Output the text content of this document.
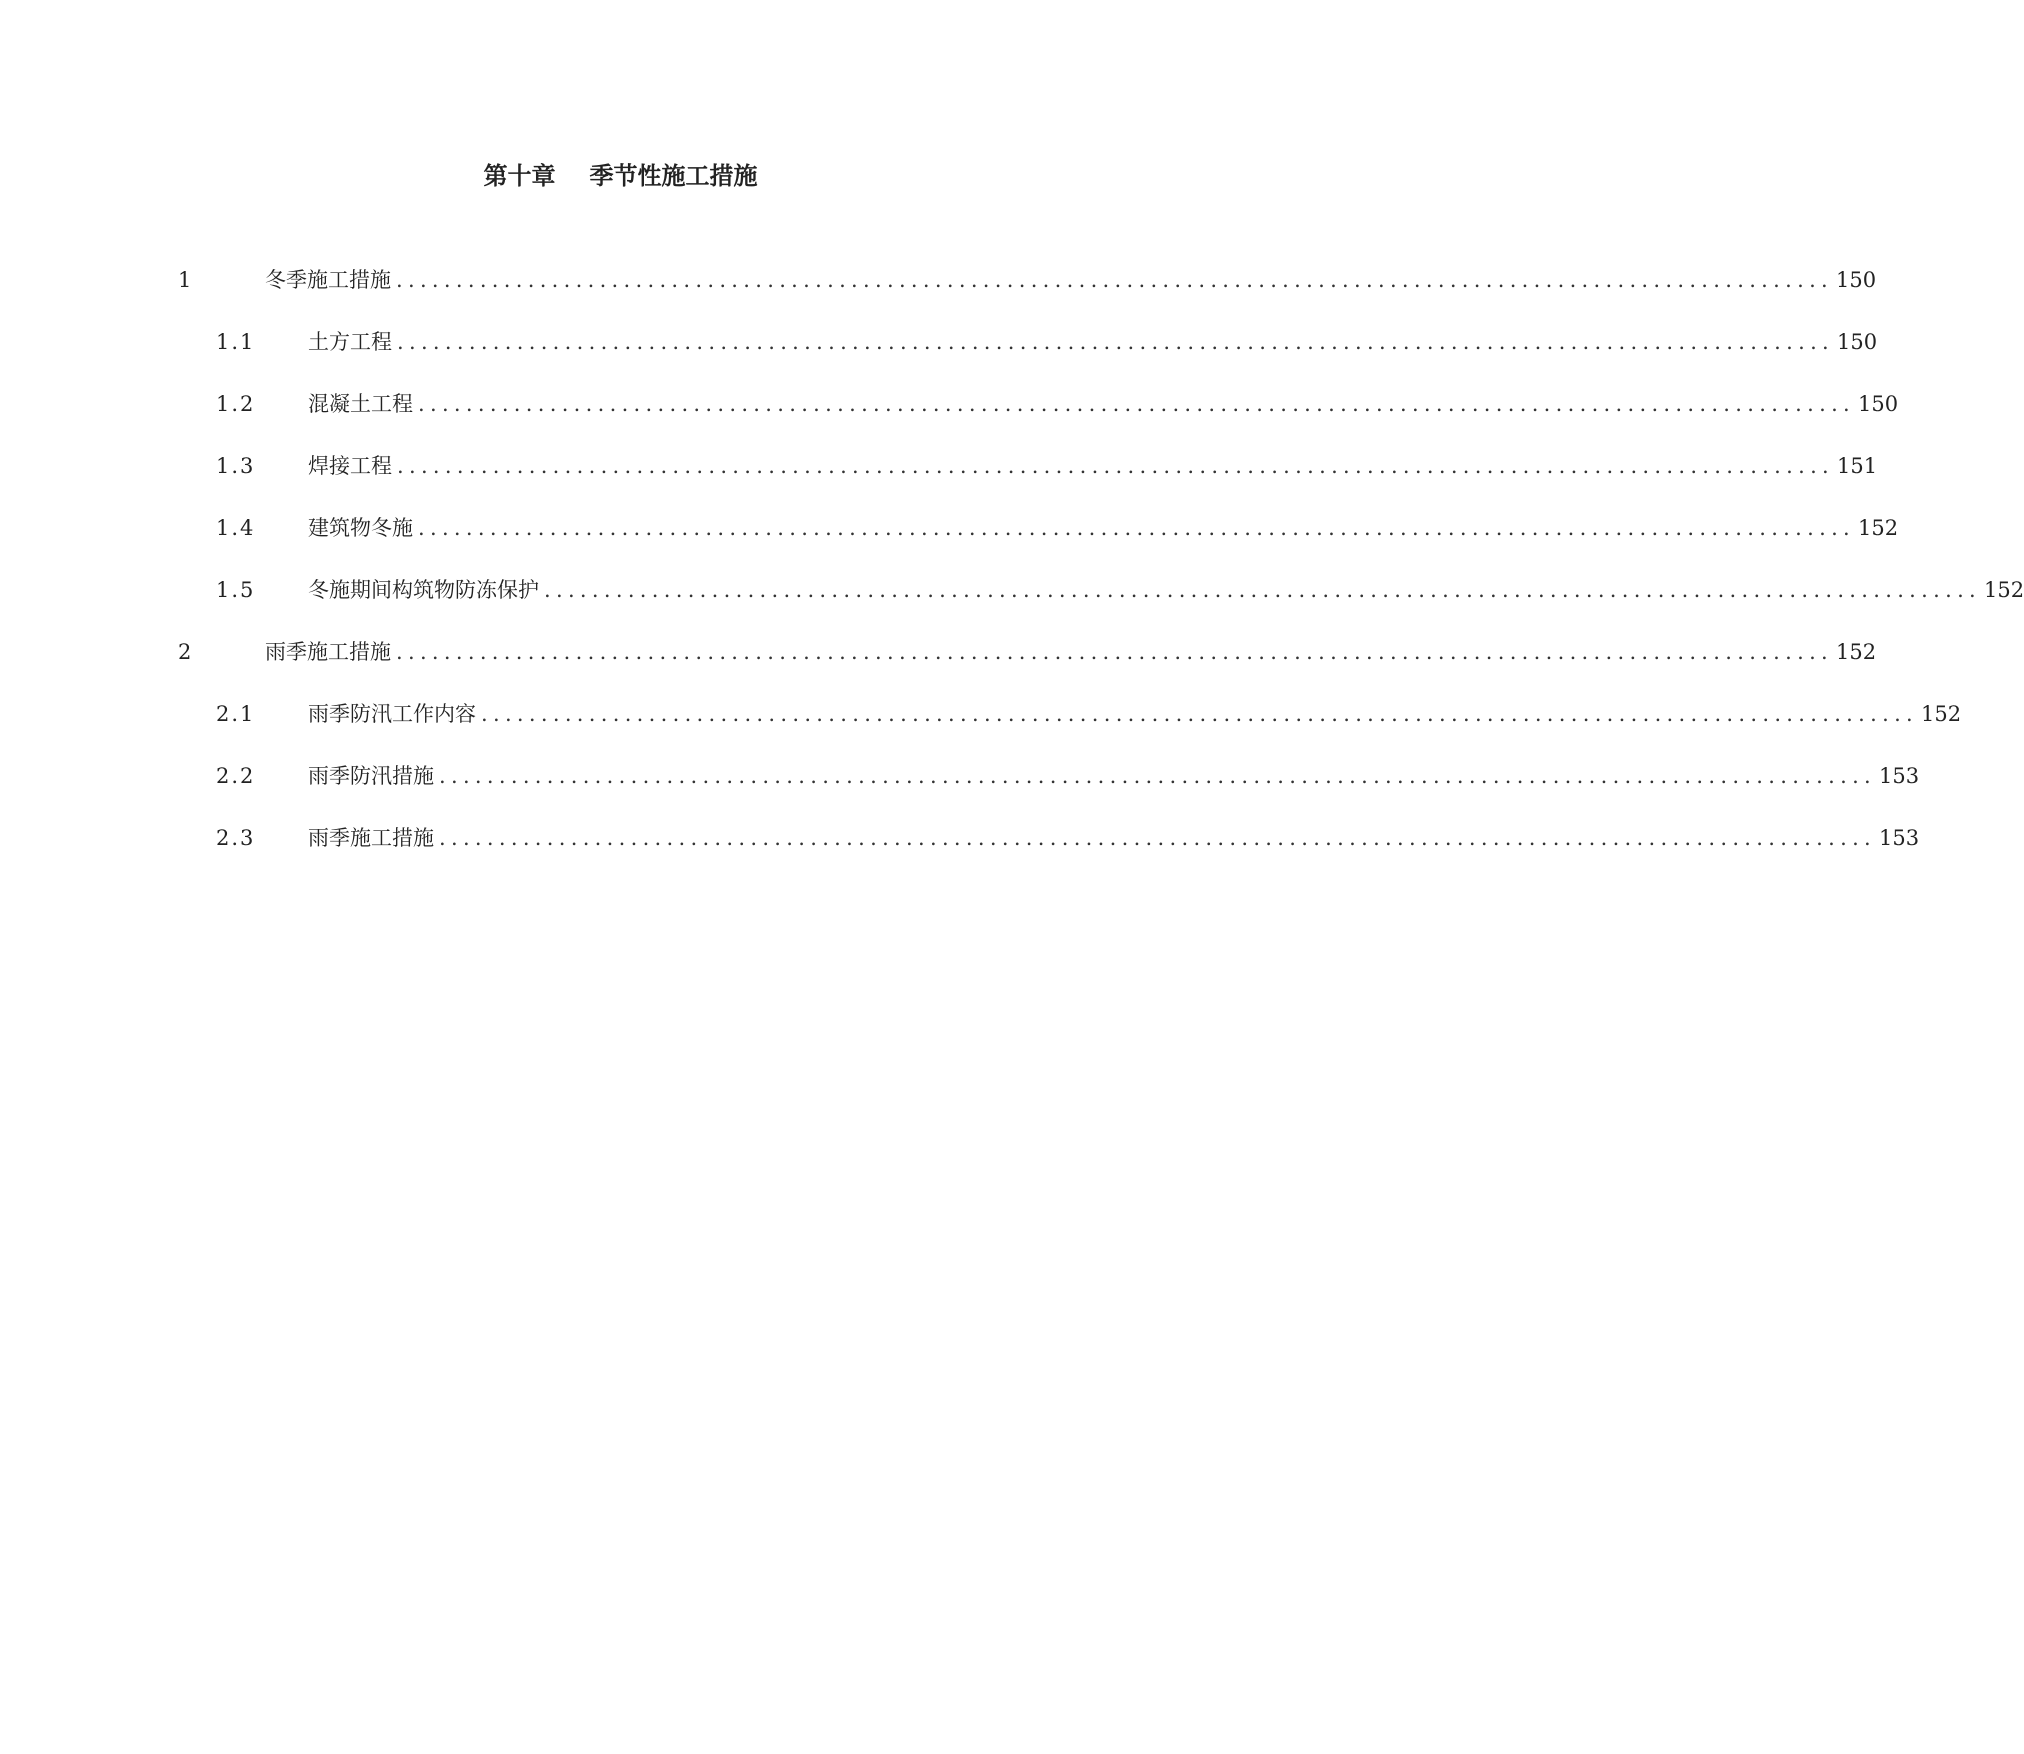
第十章 季节性施工措施
1	冬季施工措施 ........................................................................................................................ 150
1.1	土方工程 ........................................................................................................................ 150
1.2	混凝土工程 ........................................................................................................................ 150
1.3	焊接工程 ........................................................................................................................ 151
1.4	建筑物冬施 ........................................................................................................................ 152
1.5	冬施期间构筑物防冻保护 ........................................................................................................................ 152
2	雨季施工措施 ........................................................................................................................ 152
2.1	雨季防汛工作内容 ........................................................................................................................ 152
2.2	雨季防汛措施 ........................................................................................................................ 153
2.3	雨季施工措施 ........................................................................................................................ 153
